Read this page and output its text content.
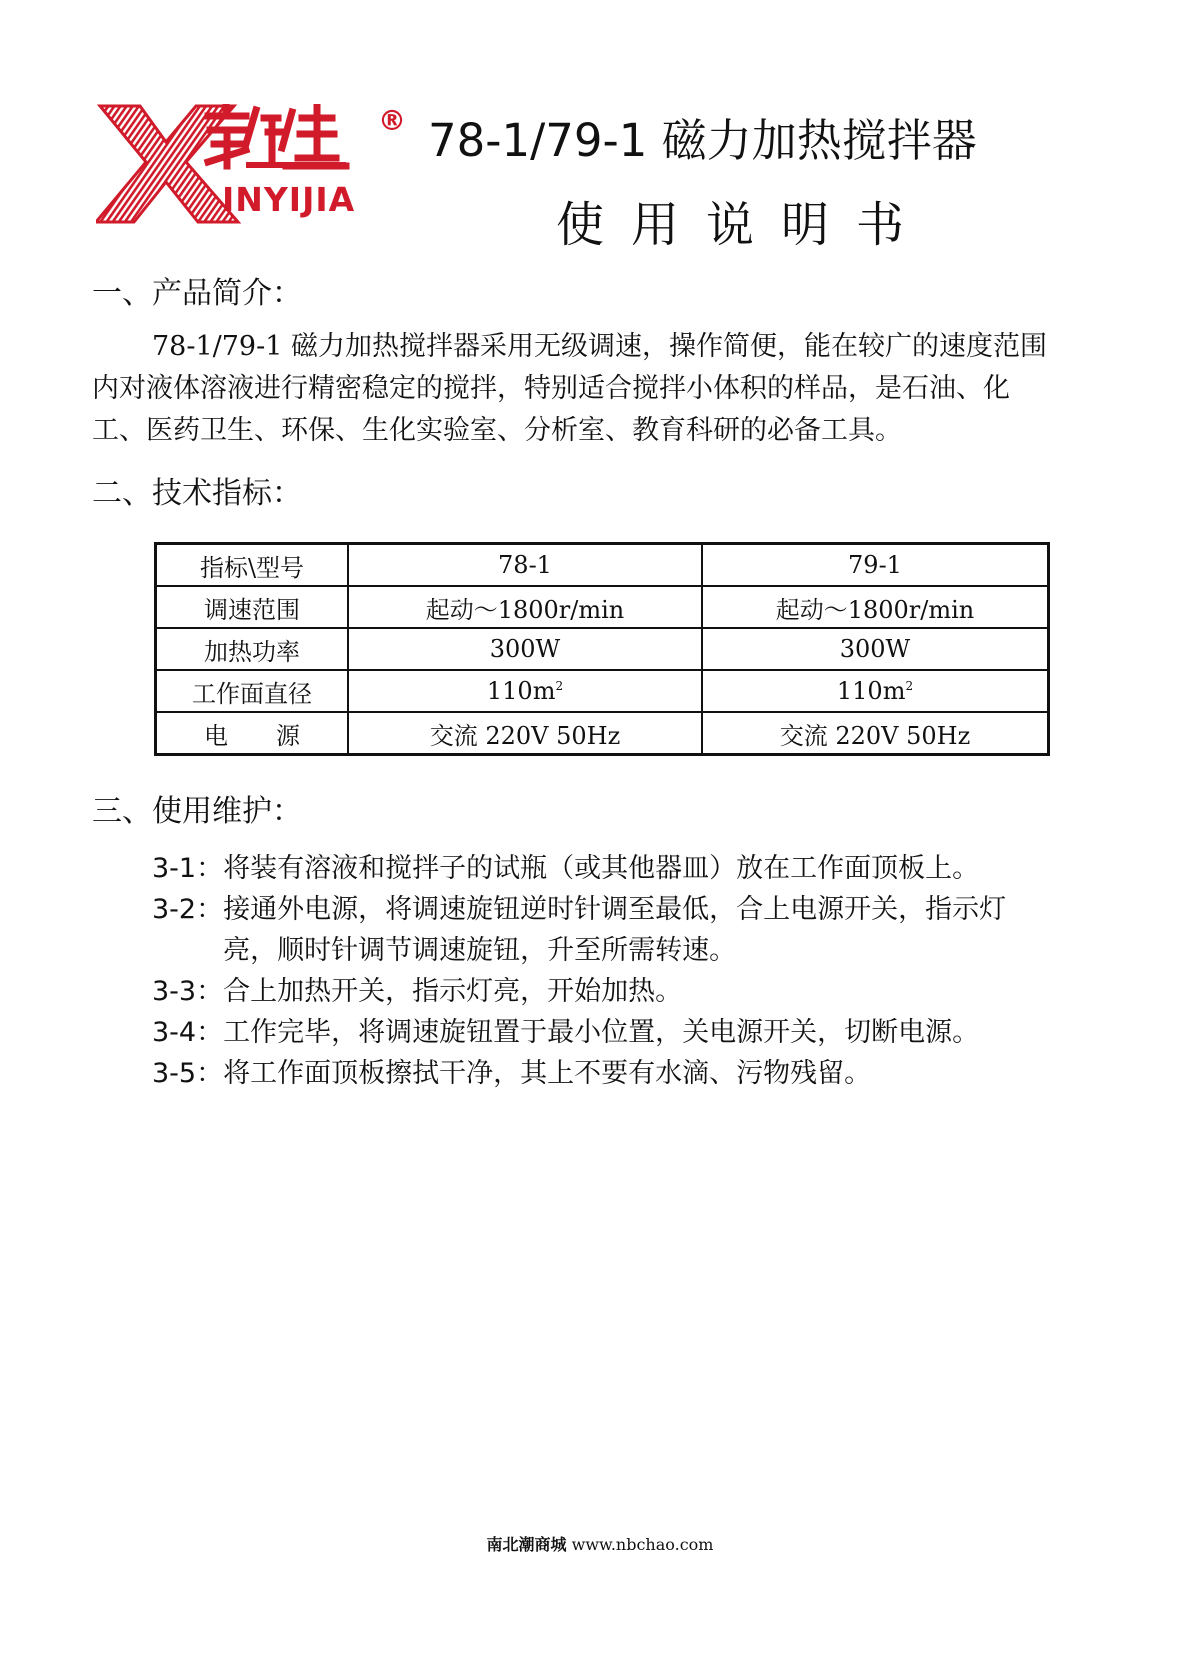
INYIJIA
® 78-1/79-1 磁力加热搅拌器
使用说明书
一、产品简介：
78-1/79-1 磁力加热搅拌器采用无级调速，操作简便，能在较广的速度范围
内对液体溶液进行精密稳定的搅拌，特别适合搅拌小体积的样品，是石油、化
工、医药卫生、环保、生化实验室、分析室、教育科研的必备工具。
二、技术指标：
指标\型号	78-1	79-1
调速范围	起动～1800r/min	起动～1800r/min
加热功率	300W	300W
工作面直径	$110m^2$	$110m^2$
电　　源	交流 220V 50Hz	交流 220V 50Hz
三、使用维护：
3-1： 将装有溶液和搅拌子的试瓶（或其他器皿）放在工作面顶板上。
3-2： 接通外电源，将调速旋钮逆时针调至最低，合上电源开关，指示灯
亮，顺时针调节调速旋钮，升至所需转速。
3-3： 合上加热开关，指示灯亮，开始加热。
3-4： 工作完毕，将调速旋钮置于最小位置，关电源开关，切断电源。
3-5： 将工作面顶板擦拭干净，其上不要有水滴、污物残留。
南北潮商城 www.nbchao.com
